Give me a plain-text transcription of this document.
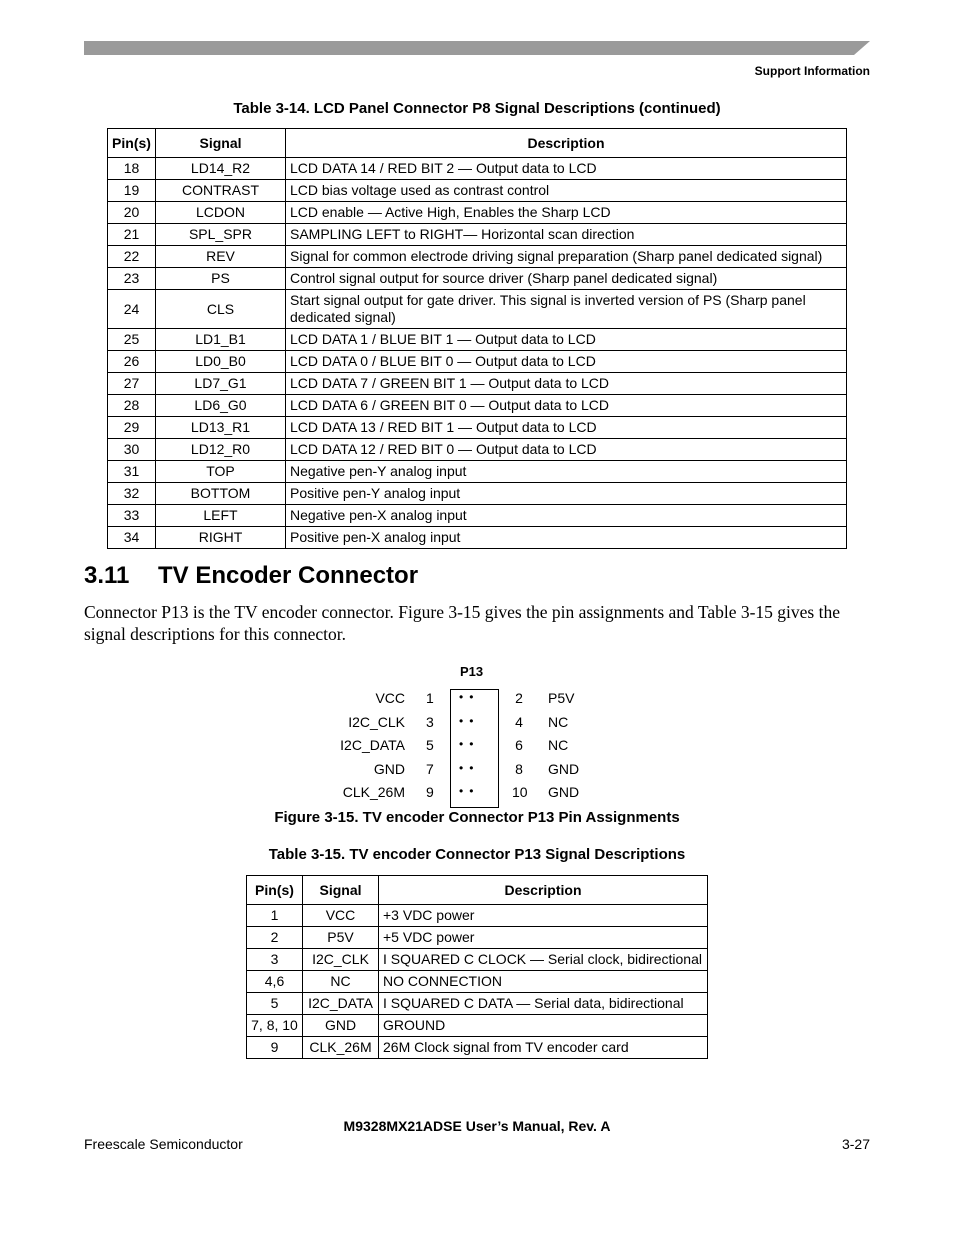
Support Information
Table 3-14. LCD Panel Connector P8 Signal Descriptions (continued)
Pin(s)	Signal	Description
18	LD14_R2	LCD DATA 14 / RED BIT 2 — Output data to LCD
19	CONTRAST	LCD bias voltage used as contrast control
20	LCDON	LCD enable — Active High, Enables the Sharp LCD
21	SPL_SPR	SAMPLING LEFT to RIGHT— Horizontal scan direction
22	REV	Signal for common electrode driving signal preparation (Sharp panel dedicated signal)
23	PS	Control signal output for source driver (Sharp panel dedicated signal)
24	CLS	Start signal output for gate driver. This signal is inverted version of PS (Sharp panel dedicated signal)
25	LD1_B1	LCD DATA 1 / BLUE BIT 1 — Output data to LCD
26	LD0_B0	LCD DATA 0 / BLUE BIT 0 — Output data to LCD
27	LD7_G1	LCD DATA 7 / GREEN BIT 1 — Output data to LCD
28	LD6_G0	LCD DATA 6 / GREEN BIT 0 — Output data to LCD
29	LD13_R1	LCD DATA 13 / RED BIT 1 — Output data to LCD
30	LD12_R0	LCD DATA 12 / RED BIT 0 — Output data to LCD
31	TOP	Negative pen-Y analog input
32	BOTTOM	Positive pen-Y analog input
33	LEFT	Negative pen-X analog input
34	RIGHT	Positive pen-X analog input
3.11 TV Encoder Connector
Connector P13 is the TV encoder connector. Figure 3-15 gives the pin assignments and Table 3-15 gives the signal descriptions for this connector.
P13
VCC 1 ••	2 P5V
I2C_CLK 3 ••	4 NC
I2C_DATA 5 ••	6 NC
GND 7 ••	8 GND
CLK_26M 9 ••	10 GND
Figure 3-15. TV encoder Connector P13 Pin Assignments
Table 3-15. TV encoder Connector P13 Signal Descriptions
Pin(s)	Signal	Description
1	VCC	+3 VDC power
2	P5V	+5 VDC power
3	I2C_CLK	I SQUARED C CLOCK — Serial clock, bidirectional
4,6	NC	NO CONNECTION
5	I2C_DATA	I SQUARED C DATA — Serial data, bidirectional
7, 8, 10	GND	GROUND
9	CLK_26M	26M Clock signal from TV encoder card
M9328MX21ADSE User’s Manual, Rev. A
Freescale Semiconductor	3-27
